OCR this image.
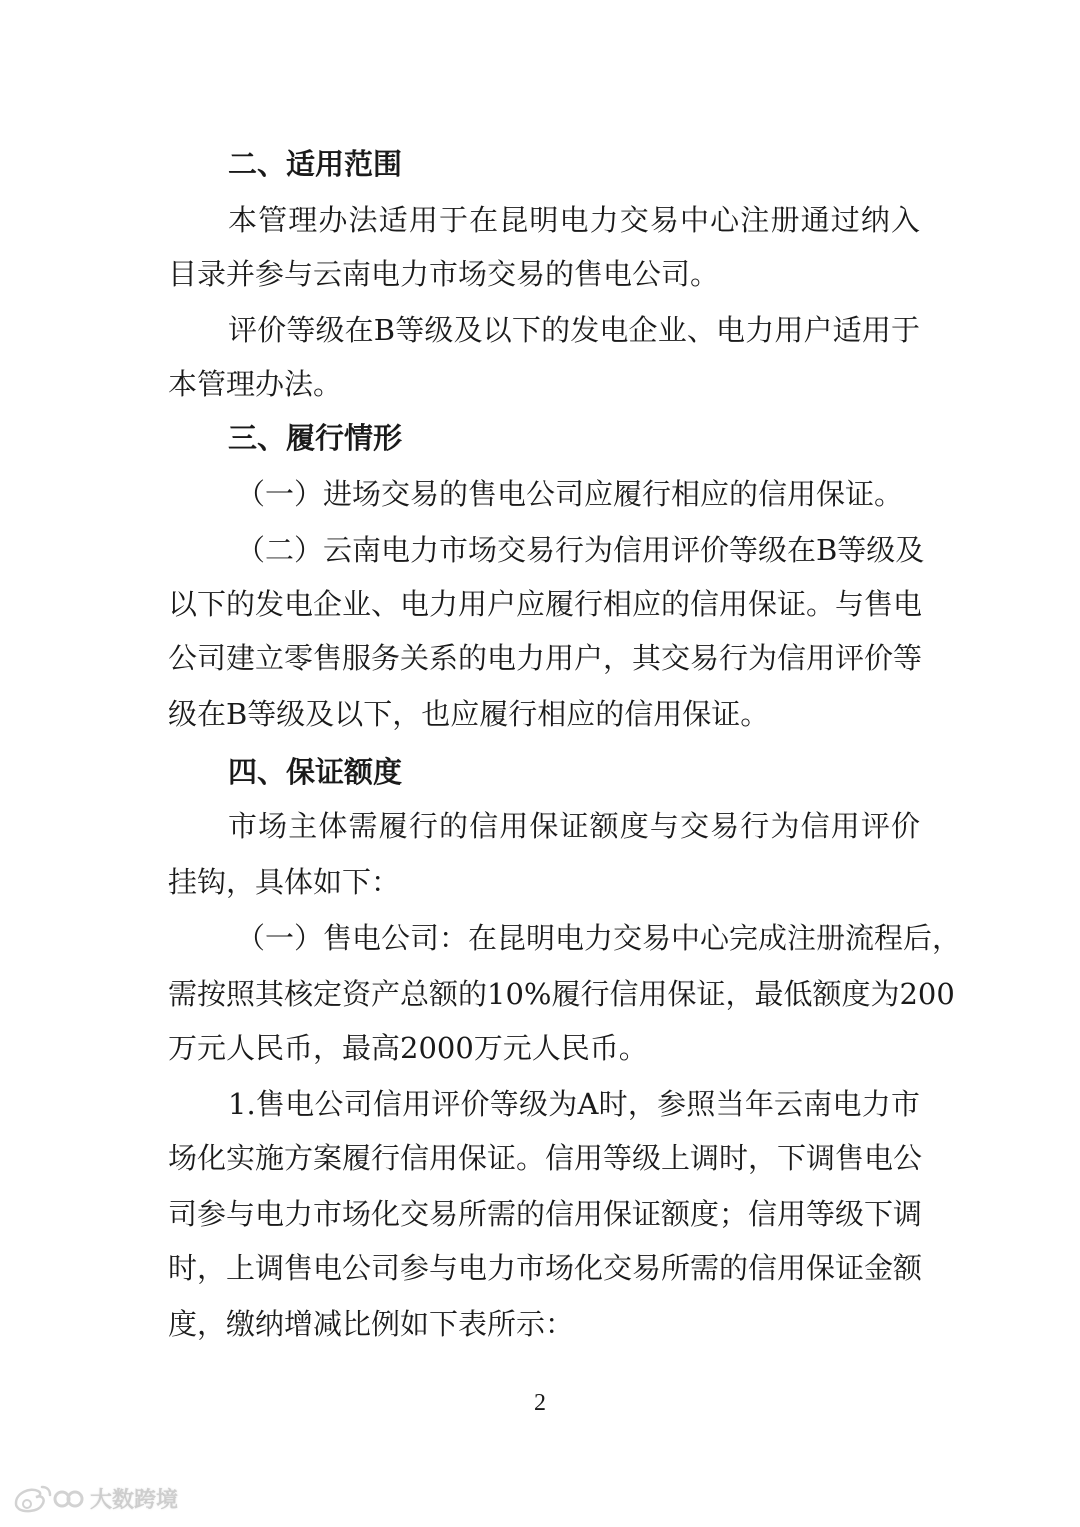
二、适用范围
本管理办法适用于在昆明电力交易中心注册通过纳入
目录并参与云南电力市场交易的售电公司。
评价等级在B等级及以下的发电企业、电力用户适用于
本管理办法。
三、履行情形
（一）进场交易的售电公司应履行相应的信用保证。
（二）云南电力市场交易行为信用评价等级在B等级及
以下的发电企业、电力用户应履行相应的信用保证。与售电
公司建立零售服务关系的电力用户，其交易行为信用评价等
级在B等级及以下，也应履行相应的信用保证。
四、保证额度
市场主体需履行的信用保证额度与交易行为信用评价
挂钩，具体如下：
（一）售电公司：在昆明电力交易中心完成注册流程后，
需按照其核定资产总额的10%履行信用保证，最低额度为200
万元人民币，最高2000万元人民币。
1.售电公司信用评价等级为A时，参照当年云南电力市
场化实施方案履行信用保证。信用等级上调时，下调售电公
司参与电力市场化交易所需的信用保证额度；信用等级下调
时，上调售电公司参与电力市场化交易所需的信用保证金额
度，缴纳增减比例如下表所示：
2
大数跨境
